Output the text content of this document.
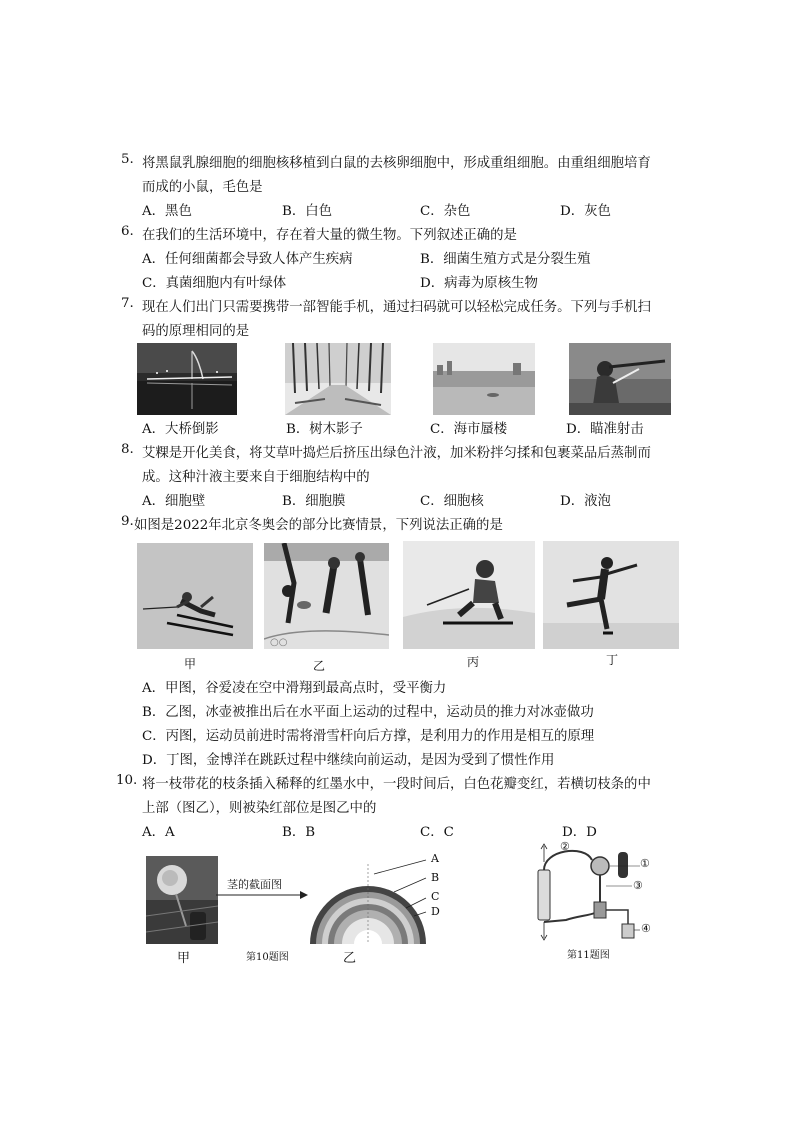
5. 将黑鼠乳腺细胞的细胞核移植到白鼠的去核卵细胞中，形成重组细胞。由重组细胞培育
而成的小鼠，毛色是
A．黑色	B．白色	C．杂色	D．灰色
6. 在我们的生活环境中，存在着大量的微生物。下列叙述正确的是
A．任何细菌都会导致人体产生疾病	B．细菌生殖方式是分裂生殖
C．真菌细胞内有叶绿体	D．病毒为原核生物
7. 现在人们出门只需要携带一部智能手机，通过扫码就可以轻松完成任务。下列与手机扫
码的原理相同的是
A．大桥倒影	B．树木影子	C．海市蜃楼	D．瞄准射击
8. 艾粿是开化美食，将艾草叶捣烂后挤压出绿色汁液，加米粉拌匀揉和包裹菜品后蒸制而
成。这种汁液主要来自于细胞结构中的
A．细胞壁	B．细胞膜	C．细胞核	D．液泡
9. 如图是2022年北京冬奥会的部分比赛情景，下列说法正确的是
○○
甲	乙	丙	丁
A．甲图，谷爱凌在空中滑翔到最高点时，受平衡力
B．乙图，冰壶被推出后在水平面上运动的过程中，运动员的推力对冰壶做功
C．丙图，运动员前进时需将滑雪杆向后方撑，是利用力的作用是相互的原理
D．丁图，金博洋在跳跃过程中继续向前运动，是因为受到了惯性作用
10. 将一枝带花的枝条插入稀释的红墨水中，一段时间后，白色花瓣变红，若横切枝条的中
上部（图乙），则被染红部位是图乙中的
A．A	B．B	C．C	D．D
茎的截面图
A
B
C
D
甲	第10题图	乙
②
①
③
④
第11题图
